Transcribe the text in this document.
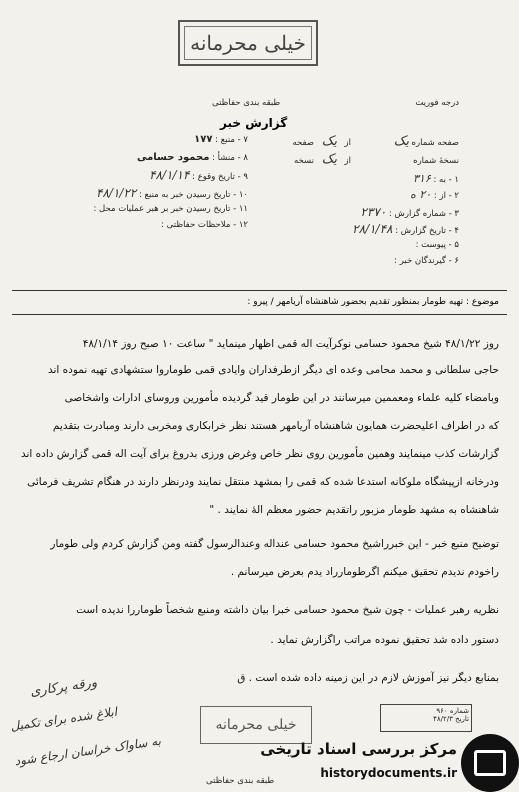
خیلی محرمانه
درجه فوریت
طبقه بندی حفاظتی
گزارش خبر
صفحه شماره
یک
از
یک
صفحه
نسخهٔ شماره
از
یک
نسخه
۱ - به : ۳۱۶
۲ - از : ۲۰ ه
۳ - شماره گزارش : ۲۳۷۰
۴ - تاریخ گزارش : ۲۸/۱/۴۸
۵ - پیوست :
۶ - گیرندگان خبر :
۷ - منبع : ۱۷۷
۸ - منشأ : محمود حسامی
۹ - تاریخ وقوع : ۴۸/۱/۱۴
۱۰ - تاریخ رسیدن خبر به منبع : ۴۸/۱/۲۲
۱۱ - تاریخ رسیدن خبر بر هبر عملیات محل :
۱۲ - ملاحظات حفاظتی :
موضوع : تهیه طومار بمنظور تقدیم بحضور شاهنشاه آریامهر / پیرو :
روز ۴۸/۱/۲۲ شیخ محمود حسامی نوکرآیت اله قمی اظهار مینماید " ساعت ۱۰ صبح روز ۴۸/۱/۱۴
حاجی سلطانی و محمد محامی وعده ای دیگر ازطرفداران وایادی قمی طوماروا ستشهادی تهیه نموده اند
وبامضاء کلیه علماء ومعممین میرسانند در این طومار قید گردیده مأمورین وروسای ادارات واشخاصی
که در اطراف اعلیحضرت همایون شاهنشاه آریامهر هستند نظر خرابکاری ومخربی دارند ومبادرت بتقدیم
گزارشات کذب مینمایند وهمین مأمورین روی نظر خاص وغرض ورزی بدروغ برای آیت اله قمی گزارش داده اند
ودرخانه ازپیشگاه ملوکانه استدعا شده که قمی را بمشهد منتقل نمایند ودرنظر دارند در هنگام تشریف فرمائی
شاهنشاه به مشهد طومار مزبور راتقدیم حضور معظم الهٔ نمایند . "
توضیح منبع خبر - این خبرراشیخ محمود حسامی عنداله وعندالرسول گفته ومن گزارش کردم ولی طومار
راخودم ندیدم تحقیق میکنم اگرطومارراد یدم بعرض میرسانم .
نظریه رهبر عملیات - چون شیخ محمود حسامی خبرا بیان داشته ومنبع شخصاً طوماررا ندیده است
دستور داده شد تحقیق نموده مراتب راگزارش نماید .
بمنابع دیگر نیز آموزش لازم در این زمینه داده شده است . ق
ورقه پرکاری
ابلاغ شده برای تکمیل
به ساواک خراسان ارجاع شود
خیلی محرمانه
شماره ۹۶۰
تاریخ ۴۸/۲/۳
طبقه بندی حفاظتی
مرکز بررسی اسناد تاریخی
historydocuments.ir
